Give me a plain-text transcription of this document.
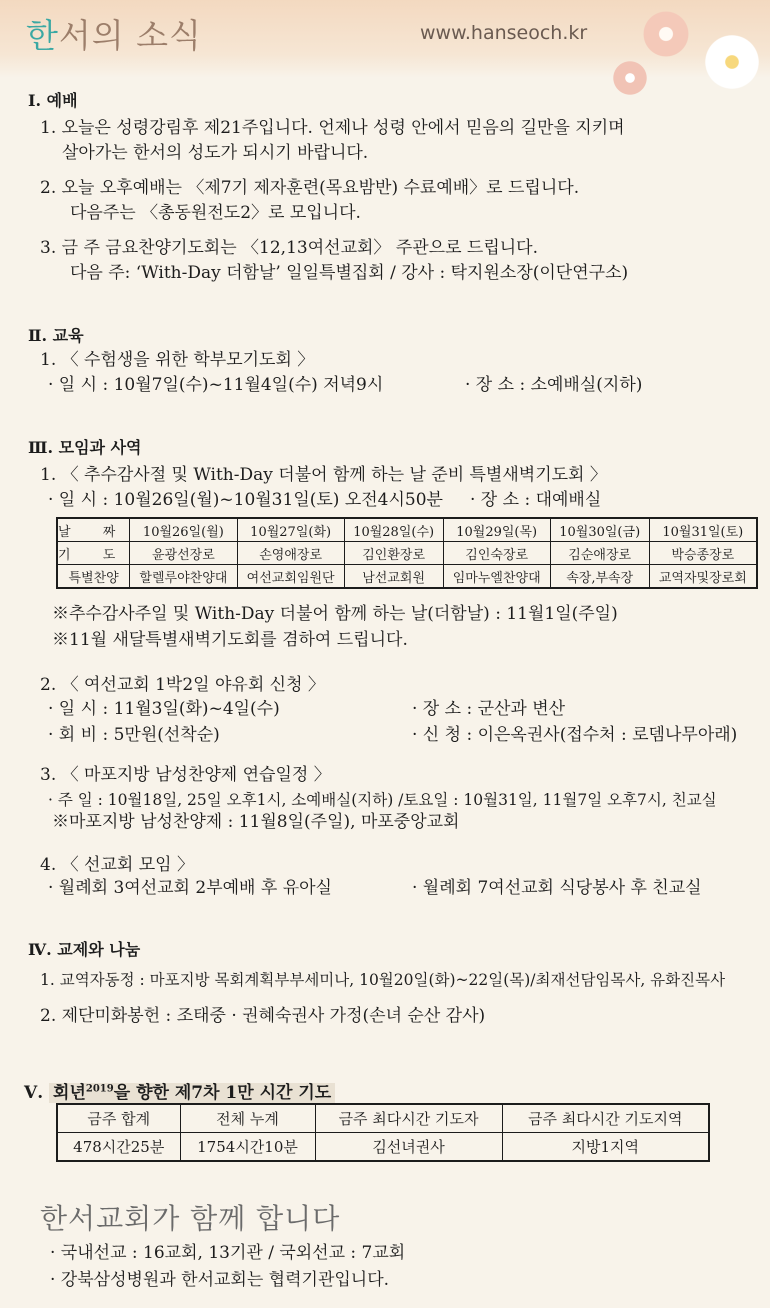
한서의 소식	www.hanseoch.kr
Ⅰ. 예배
1. 오늘은 성령강림후 제21주입니다. 언제나 성령 안에서 믿음의 길만을 지키며
살아가는 한서의 성도가 되시기 바랍니다.
2. 오늘 오후예배는 〈제7기 제자훈련(목요밤반) 수료예배〉로 드립니다.
다음주는 〈총동원전도2〉로 모입니다.
3. 금 주 금요찬양기도회는 〈12,13여선교회〉 주관으로 드립니다.
다음 주: ‘With-Day 더함날’ 일일특별집회 / 강사 : 탁지원소장(이단연구소)
Ⅱ. 교육
1. 〈 수험생을 위한 학부모기도회 〉
· 일 시 : 10월7일(수)~11월4일(수) 저녁9시	· 장 소 : 소예배실(지하)
Ⅲ. 모임과 사역
1. 〈 추수감사절 및 With-Day 더불어 함께 하는 날 준비 특별새벽기도회 〉
· 일 시 : 10월26일(월)~10월31일(토) 오전4시50분 · 장 소 : 대예배실
날 짜	10월26일(월)	10월27일(화)	10월28일(수)	10월29일(목)	10월30일(금)	10월31일(토)
기 도	윤광선장로	손영애장로	김인환장로	김인숙장로	김순애장로	박승종장로
특별찬양	할렐루야찬양대	여선교회임원단	남선교회원	임마누엘찬양대	속장,부속장	교역자및장로회
※추수감사주일 및 With-Day 더불어 함께 하는 날(더함날) : 11월1일(주일)
※11월 새달특별새벽기도회를 겸하여 드립니다.
2. 〈 여선교회 1박2일 야유회 신청 〉
· 일 시 : 11월3일(화)~4일(수)	· 장 소 : 군산과 변산
· 회 비 : 5만원(선착순)	· 신 청 : 이은옥권사(접수처 : 로뎀나무아래)
3. 〈 마포지방 남성찬양제 연습일정 〉
· 주 일 : 10월18일, 25일 오후1시, 소예배실(지하) /토요일 : 10월31일, 11월7일 오후7시, 친교실
※마포지방 남성찬양제 : 11월8일(주일), 마포중앙교회
4. 〈 선교회 모임 〉
· 월례회 3여선교회 2부예배 후 유아실	· 월례회 7여선교회 식당봉사 후 친교실
Ⅳ. 교제와 나눔
1. 교역자동정 : 마포지방 목회계획부부세미나, 10월20일(화)~22일(목)/최재선담임목사, 유화진목사
2. 제단미화봉헌 : 조태중 · 권혜숙권사 가정(손녀 순산 감사)
Ⅴ. 회년$^{2019}$을 향한 제7차 1만 시간 기도
금주 합계	전체 누계	금주 최다시간 기도자	금주 최다시간 기도지역
478시간25분	1754시간10분	김선녀권사	지방1지역
한서교회가 함께 합니다
· 국내선교 : 16교회, 13기관 / 국외선교 : 7교회
· 강북삼성병원과 한서교회는 협력기관입니다.
